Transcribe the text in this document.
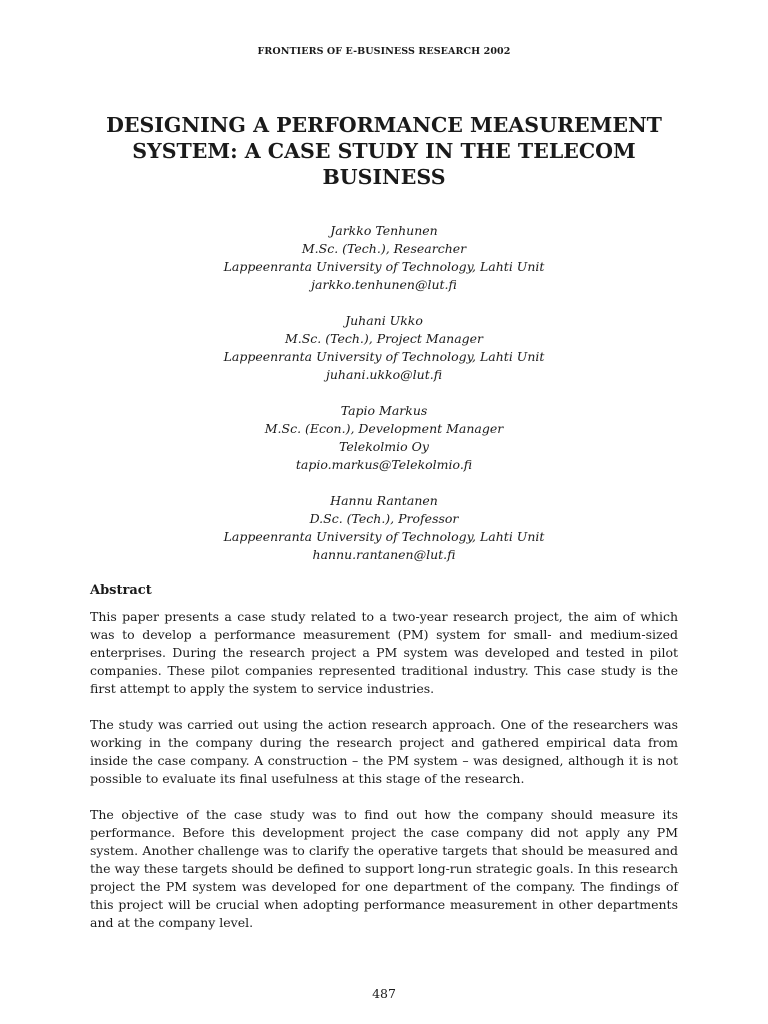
FRONTIERS OF E-BUSINESS RESEARCH 2002
DESIGNING A PERFORMANCE MEASUREMENT
SYSTEM: A CASE STUDY IN THE TELECOM
BUSINESS
Jarkko Tenhunen
M.Sc. (Tech.), Researcher
Lappeenranta University of Technology, Lahti Unit
jarkko.tenhunen@lut.fi
Juhani Ukko
M.Sc. (Tech.), Project Manager
Lappeenranta University of Technology, Lahti Unit
juhani.ukko@lut.fi
Tapio Markus
M.Sc. (Econ.), Development Manager
Telekolmio Oy
tapio.markus@Telekolmio.fi
Hannu Rantanen
D.Sc. (Tech.), Professor
Lappeenranta University of Technology, Lahti Unit
hannu.rantanen@lut.fi
Abstract

This paper presents a case study related to a two-year research project, the aim of which was to develop a performance measurement (PM) system for small- and medium-sized enterprises. During the research project a PM system was developed and tested in pilot companies. These pilot companies represented traditional industry. This case study is the first attempt to apply the system to service industries.

The study was carried out using the action research approach. One of the researchers was working in the company during the research project and gathered empirical data from inside the case company. A construction – the PM system – was designed, although it is not possible to evaluate its final usefulness at this stage of the research.

The objective of the case study was to find out how the company should measure its performance. Before this development project the case company did not apply any PM system. Another challenge was to clarify the operative targets that should be measured and the way these targets should be defined to support long-run strategic goals. In this research project the PM system was developed for one department of the company. The findings of this project will be crucial when adopting performance measurement in other departments and at the company level.

487
